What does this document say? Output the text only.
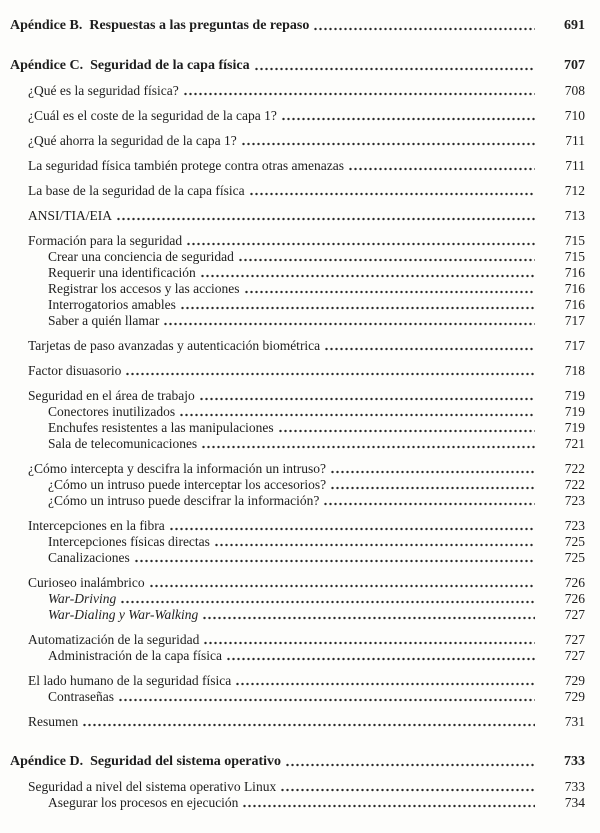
Apéndice B.  Respuestas a las preguntas de repaso	691
Apéndice C.  Seguridad de la capa física	707
¿Qué es la seguridad física?	708
¿Cuál es el coste de la seguridad de la capa 1?	710
¿Qué ahorra la seguridad de la capa 1?	711
La seguridad física también protege contra otras amenazas	711
La base de la seguridad de la capa física	712
ANSI/TIA/EIA	713
Formación para la seguridad	715
Crear una conciencia de seguridad	715
Requerir una identificación	716
Registrar los accesos y las acciones	716
Interrogatorios amables	716
Saber a quién llamar	717
Tarjetas de paso avanzadas y autenticación biométrica	717
Factor disuasorio	718
Seguridad en el área de trabajo	719
Conectores inutilizados	719
Enchufes resistentes a las manipulaciones	719
Sala de telecomunicaciones	721
¿Cómo intercepta y descifra la información un intruso?	722
¿Cómo un intruso puede interceptar los accesorios?	722
¿Cómo un intruso puede descifrar la información?	723
Intercepciones en la fibra	723
Intercepciones físicas directas	725
Canalizaciones	725
Curioseo inalámbrico	726
War-Driving	726
War-Dialing y War-Walking	727
Automatización de la seguridad	727
Administración de la capa física	727
El lado humano de la seguridad física	729
Contraseñas	729
Resumen	731
Apéndice D.  Seguridad del sistema operativo	733
Seguridad a nivel del sistema operativo Linux	733
Asegurar los procesos en ejecución	734
